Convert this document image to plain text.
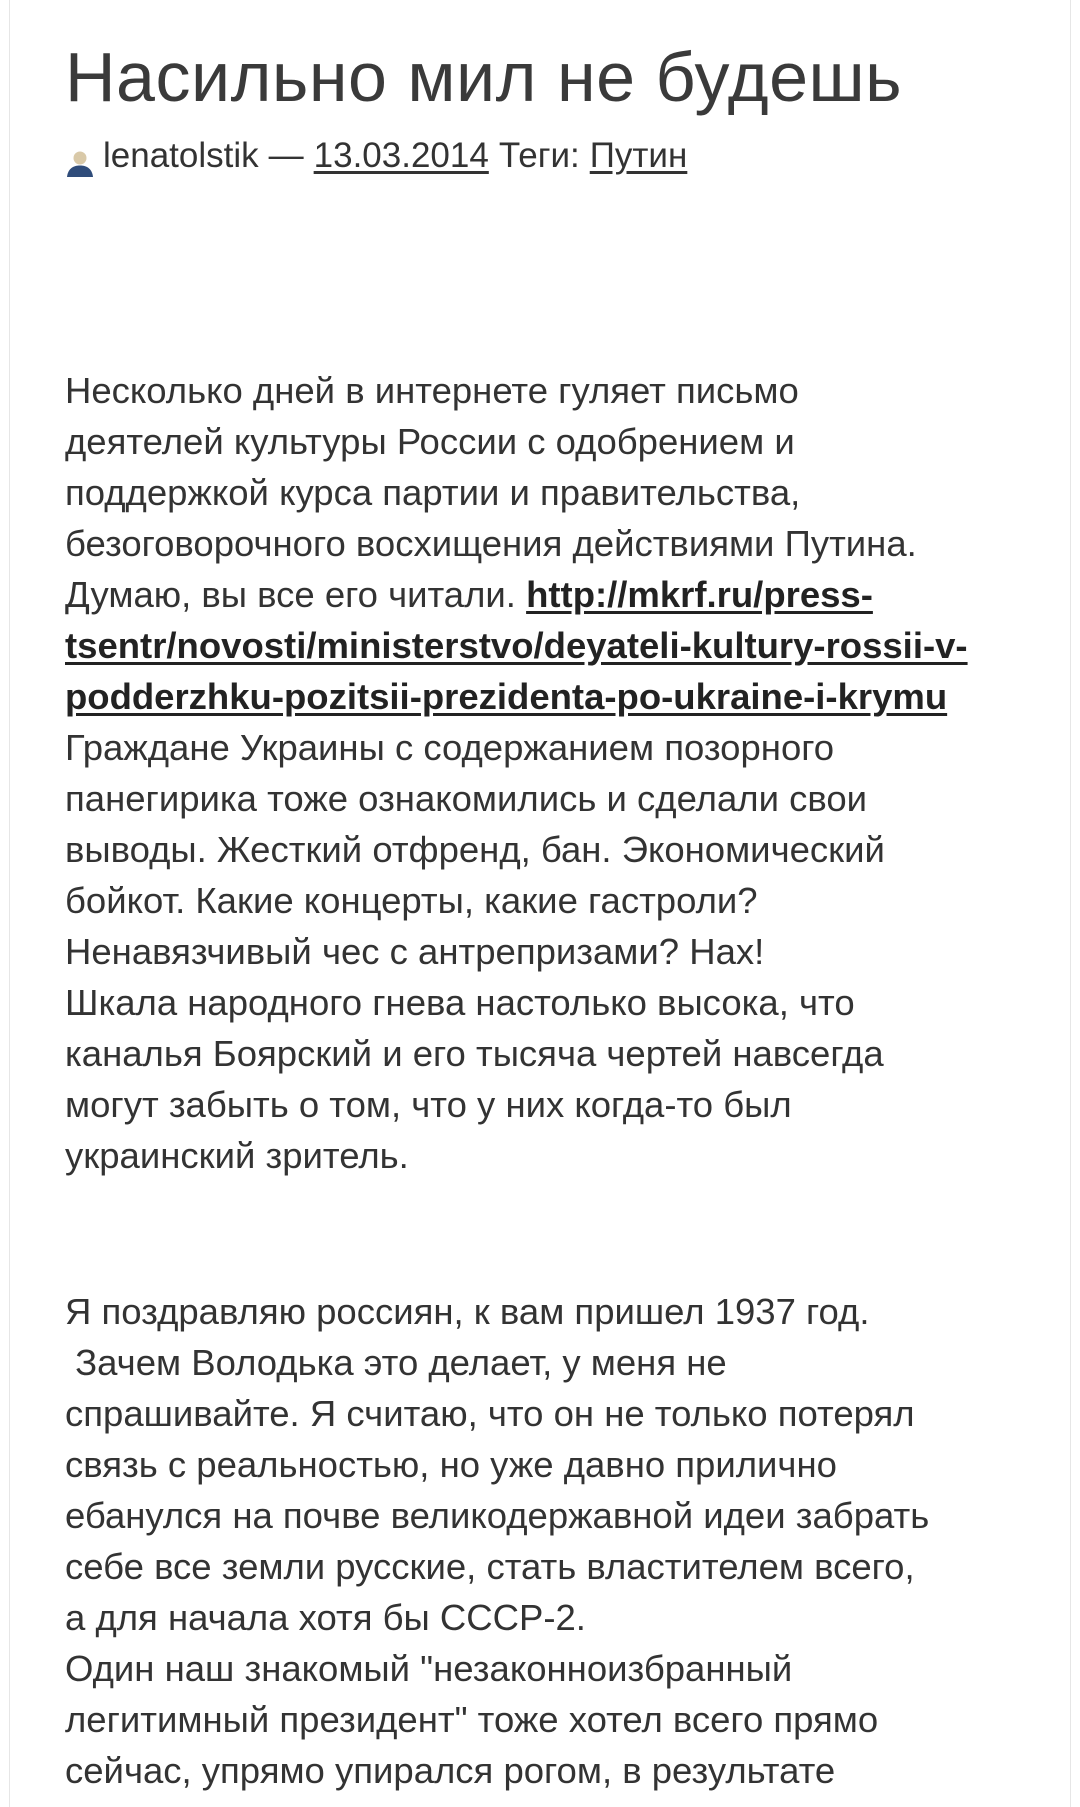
Насильно мил не будешь
lenatolstik — 13.03.2014 Теги: Путин
Несколько дней в интернете гуляет письмо
деятелей культуры России с одобрением и
поддержкой курса партии и правительства,
безоговорочного восхищения действиями Путина.
Думаю, вы все его читали. http://mkrf.ru/press-
tsentr/novosti/ministerstvo/deyateli-kultury-rossii-v-
podderzhku-pozitsii-prezidenta-po-ukraine-i-krymu
Граждане Украины с содержанием позорного
панегирика тоже ознакомились и сделали свои
выводы. Жесткий отфренд, бан. Экономический
бойкот. Какие концерты, какие гастроли?
Ненавязчивый чес с антрепризами? Нах!
Шкала народного гнева настолько высока, что
каналья Боярский и его тысяча чертей навсегда
могут забыть о том, что у них когда-то был
украинский зритель.
Я поздравляю россиян, к вам пришел 1937 год.
Зачем Володька это делает, у меня не
спрашивайте. Я считаю, что он не только потерял
связь с реальностью, но уже давно прилично
ебанулся на почве великодержавной идеи забрать
себе все земли русские, стать властителем всего,
а для начала хотя бы СССР-2.
Один наш знакомый "незаконноизбранный
легитимный президент" тоже хотел всего прямо
сейчас, упрямо упирался рогом, в результате
